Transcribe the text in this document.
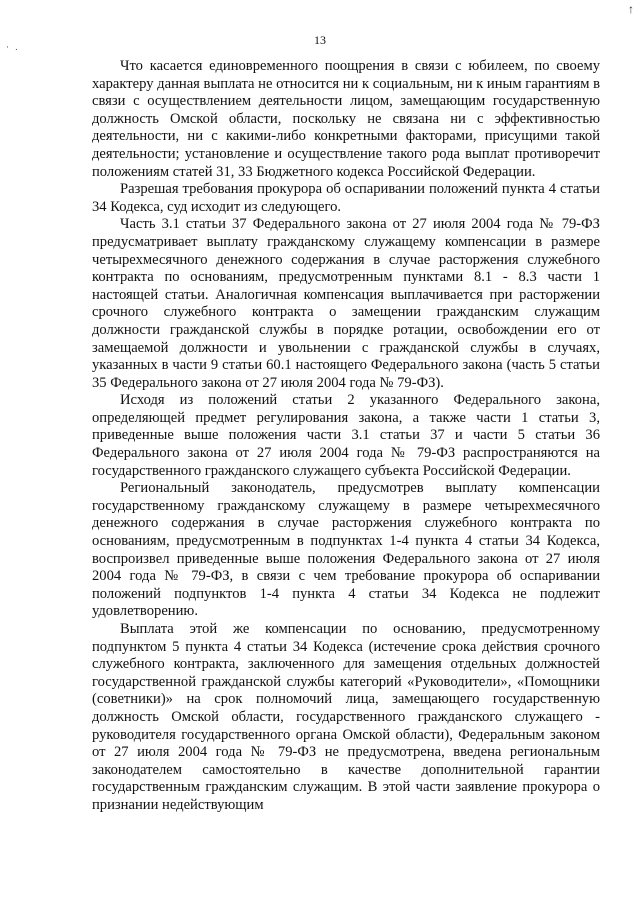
↑
· .	13

Что касается единовременного поощрения в связи с юбилеем, по своему характеру данная выплата не относится ни к социальным, ни к иным гарантиям в связи с осуществлением деятельности лицом, замещающим государственную должность Омской области, поскольку не связана ни с эффективностью деятельности, ни с какими-либо конкретными факторами, присущими такой деятельности; установление и осуществление такого рода выплат противоречит положениям статей 31, 33 Бюджетного кодекса Российской Федерации.

Разрешая требования прокурора об оспаривании положений пункта 4 статьи 34 Кодекса, суд исходит из следующего.

Часть 3.1 статьи 37 Федерального закона от 27 июля 2004 года № 79-ФЗ предусматривает выплату гражданскому служащему компенсации в размере четырехмесячного денежного содержания в случае расторжения служебного контракта по основаниям, предусмотренным пунктами 8.1 - 8.3 части 1 настоящей статьи. Аналогичная компенсация выплачивается при расторжении срочного служебного контракта о замещении гражданским служащим должности гражданской службы в порядке ротации, освобождении его от замещаемой должности и увольнении с гражданской службы в случаях, указанных в части 9 статьи 60.1 настоящего Федерального закона (часть 5 статьи 35 Федерального закона от 27 июля 2004 года № 79-ФЗ).

Исходя из положений статьи 2 указанного Федерального закона, определяющей предмет регулирования закона, а также части 1 статьи 3, приведенные выше положения части 3.1 статьи 37 и части 5 статьи 36 Федерального закона от 27 июля 2004 года № 79-ФЗ распространяются на государственного гражданского служащего субъекта Российской Федерации.

Региональный законодатель, предусмотрев выплату компенсации государственному гражданскому служащему в размере четырехмесячного денежного содержания в случае расторжения служебного контракта по основаниям, предусмотренным в подпунктах 1-4 пункта 4 статьи 34 Кодекса, воспроизвел приведенные выше положения Федерального закона от 27 июля 2004 года № 79-ФЗ, в связи с чем требование прокурора об оспаривании положений подпунктов 1-4 пункта 4 статьи 34 Кодекса не подлежит удовлетворению.

Выплата этой же компенсации по основанию, предусмотренному подпунктом 5 пункта 4 статьи 34 Кодекса (истечение срока действия срочного служебного контракта, заключенного для замещения отдельных должностей государственной гражданской службы категорий «Руководители», «Помощники (советники)» на срок полномочий лица, замещающего государственную должность Омской области, государственного гражданского служащего - руководителя государственного органа Омской области), Федеральным законом от 27 июля 2004 года № 79-ФЗ не предусмотрена, введена региональным законодателем самостоятельно в качестве дополнительной гарантии государственным гражданским служащим. В этой части заявление прокурора о признании недействующим
